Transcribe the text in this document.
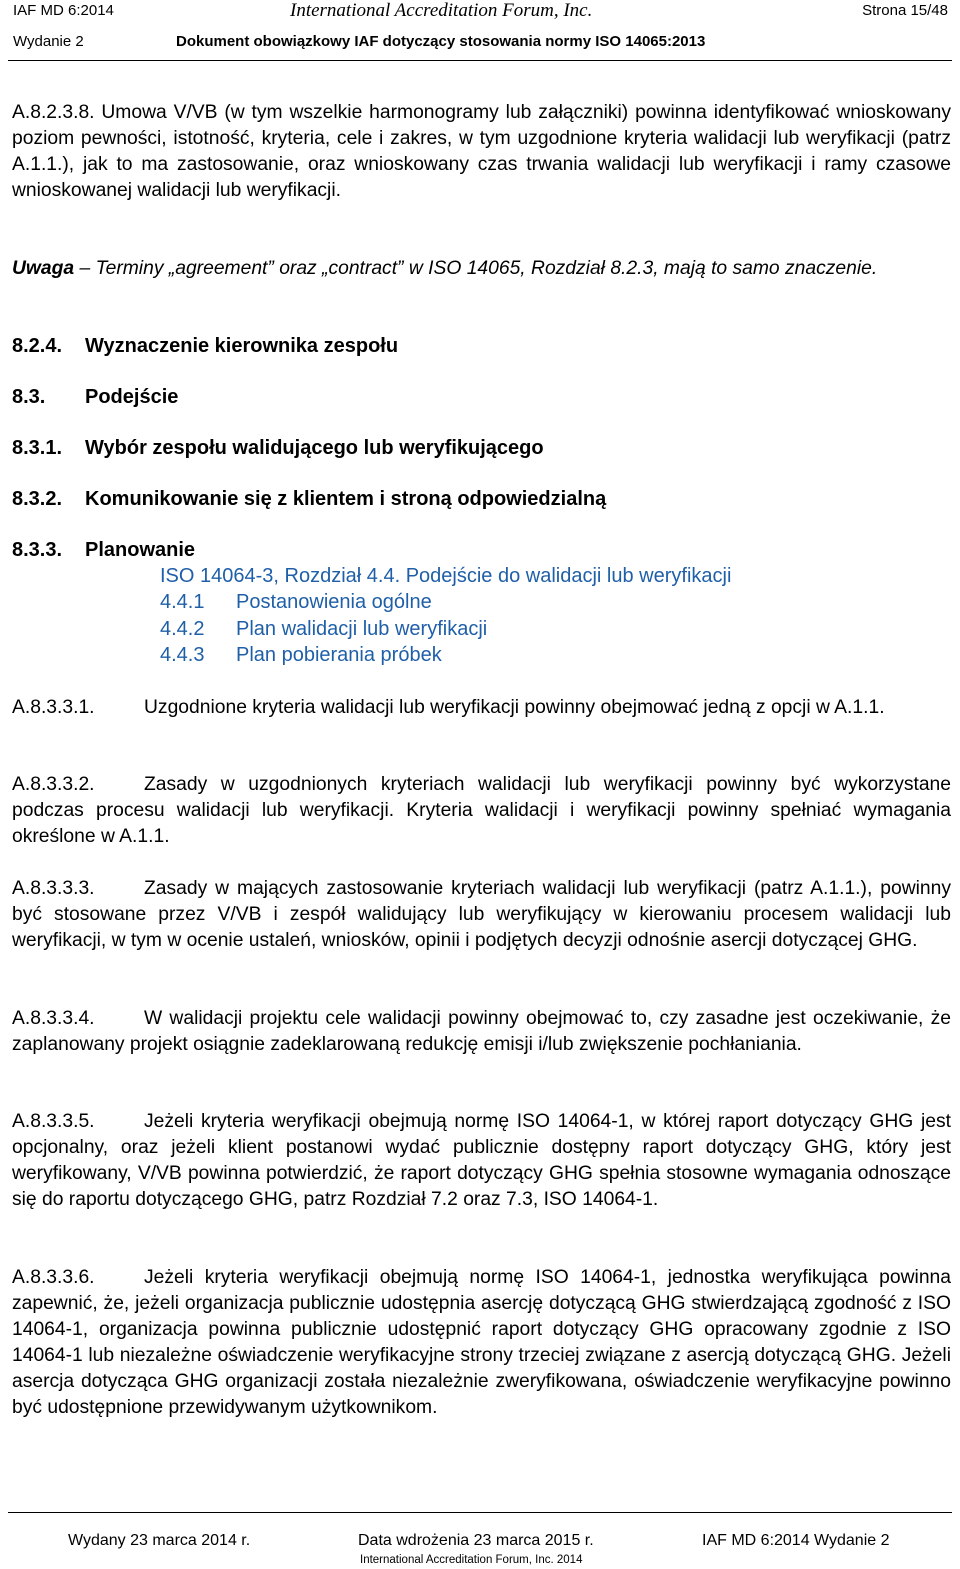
IAF MD 6:2014	International Accreditation Forum, Inc.	Strona 15/48
Wydanie 2	Dokument obowiązkowy IAF dotyczący stosowania normy ISO 14065:2013
A.8.2.3.8. Umowa V/VB (w tym wszelkie harmonogramy lub załączniki) powinna identyfikować wnioskowany poziom pewności, istotność, kryteria, cele i zakres, w tym uzgodnione kryteria walidacji lub weryfikacji (patrz A.1.1.), jak to ma zastosowanie, oraz wnioskowany czas trwania walidacji lub weryfikacji i ramy czasowe wnioskowanej walidacji lub weryfikacji.
Uwaga – Terminy „agreement” oraz „contract” w ISO 14065, Rozdział 8.2.3, mają to samo znaczenie.
8.2.4. Wyznaczenie kierownika zespołu
8.3. Podejście
8.3.1. Wybór zespołu walidującego lub weryfikującego
8.3.2. Komunikowanie się z klientem i stroną odpowiedzialną
8.3.3. Planowanie
ISO 14064-3, Rozdział 4.4. Podejście do walidacji lub weryfikacji
4.4.1 Postanowienia ogólne
4.4.2 Plan walidacji lub weryfikacji
4.4.3 Plan pobierania próbek
A.8.3.3.1.	Uzgodnione kryteria walidacji lub weryfikacji powinny obejmować jedną z opcji w A.1.1.
A.8.3.3.2.	Zasady w uzgodnionych kryteriach walidacji lub weryfikacji powinny być wykorzystane podczas procesu walidacji lub weryfikacji. Kryteria walidacji i weryfikacji powinny spełniać wymagania określone w A.1.1.
A.8.3.3.3.	Zasady w mających zastosowanie kryteriach walidacji lub weryfikacji (patrz A.1.1.), powinny być stosowane przez V/VB i zespół walidujący lub weryfikujący w kierowaniu procesem walidacji lub weryfikacji, w tym w ocenie ustaleń, wniosków, opinii i podjętych decyzji odnośnie asercji dotyczącej GHG.
A.8.3.3.4.	W walidacji projektu cele walidacji powinny obejmować to, czy zasadne jest oczekiwanie, że zaplanowany projekt osiągnie zadeklarowaną redukcję emisji i/lub zwiększenie pochłaniania.
A.8.3.3.5.	Jeżeli kryteria weryfikacji obejmują normę ISO 14064-1, w której raport dotyczący GHG jest opcjonalny, oraz jeżeli klient postanowi wydać publicznie dostępny raport dotyczący GHG, który jest weryfikowany, V/VB powinna potwierdzić, że raport dotyczący GHG spełnia stosowne wymagania odnoszące się do raportu dotyczącego GHG, patrz Rozdział 7.2 oraz 7.3, ISO 14064-1.
A.8.3.3.6.	Jeżeli kryteria weryfikacji obejmują normę ISO 14064-1, jednostka weryfikująca powinna zapewnić, że, jeżeli organizacja publicznie udostępnia asercję dotyczącą GHG stwierdzającą zgodność z ISO 14064-1, organizacja powinna publicznie udostępnić raport dotyczący GHG opracowany zgodnie z ISO 14064-1 lub niezależne oświadczenie weryfikacyjne strony trzeciej związane z asercją dotyczącą GHG. Jeżeli asercja dotycząca GHG organizacji została niezależnie zweryfikowana, oświadczenie weryfikacyjne powinno być udostępnione przewidywanym użytkownikom.
Wydany 23 marca 2014 r.	Data wdrożenia 23 marca 2015 r.	IAF MD 6:2014 Wydanie 2
International Accreditation Forum, Inc. 2014
